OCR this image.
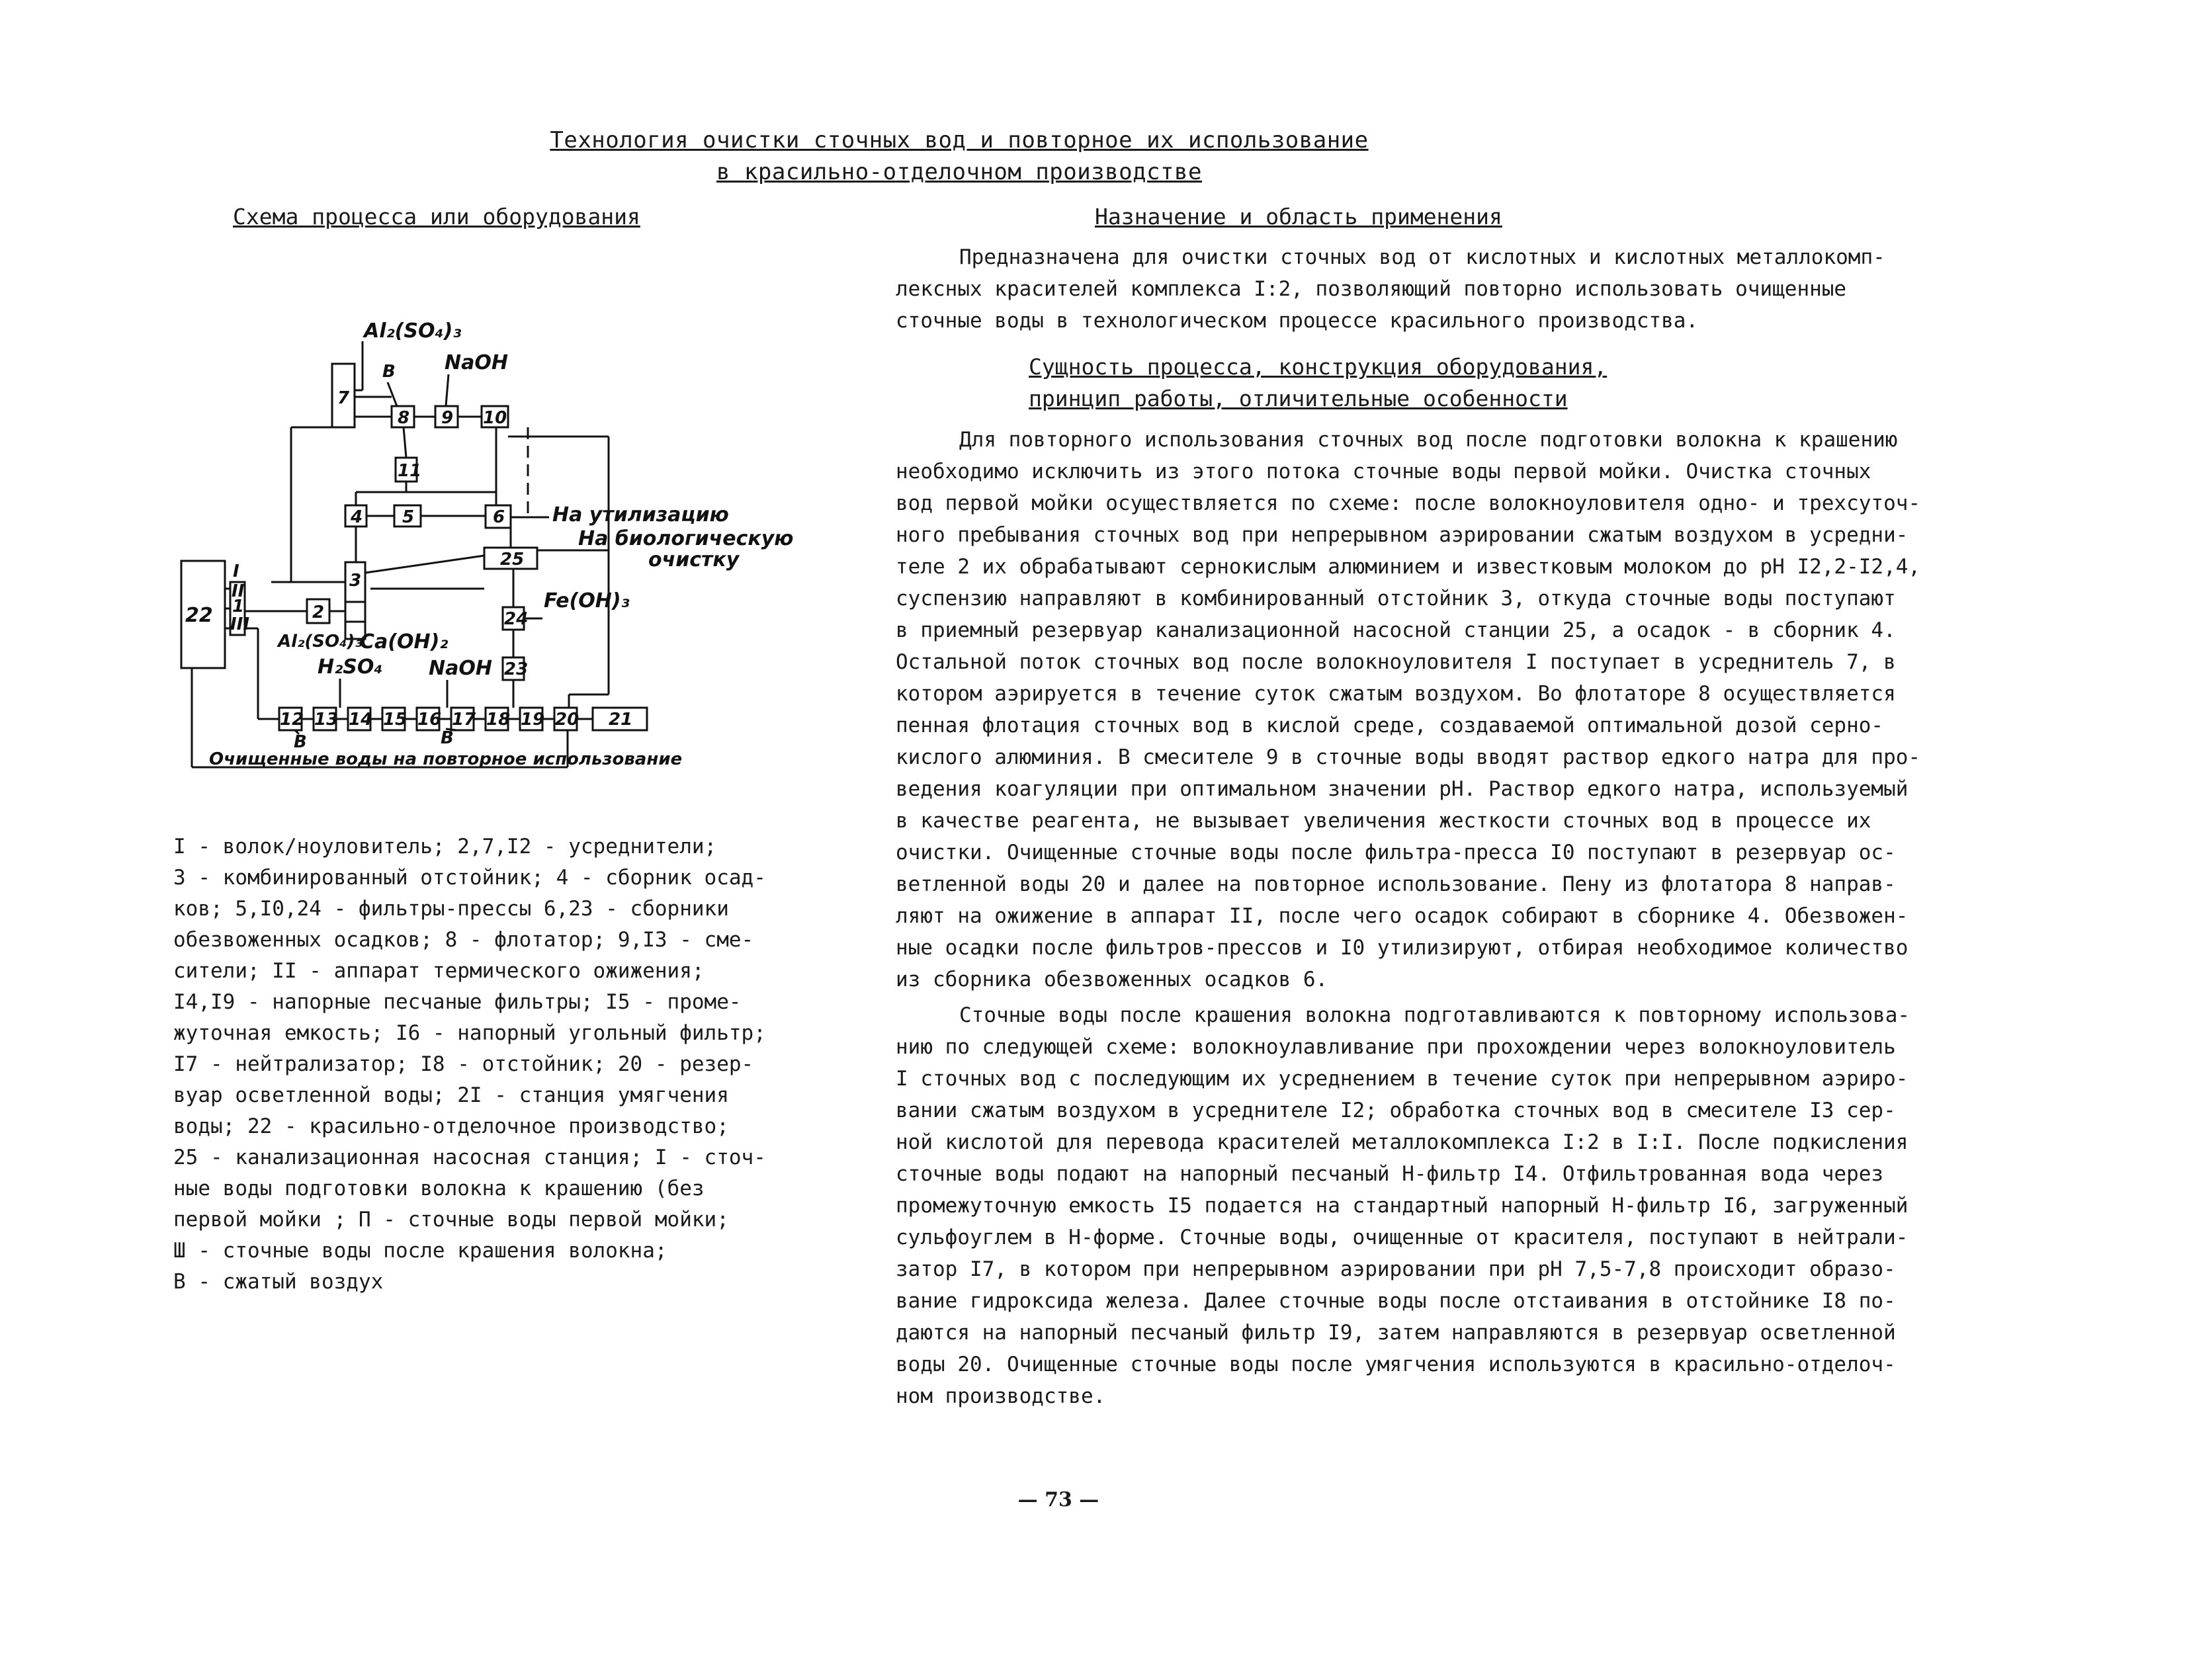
Технология очистки сточных вод и повторное их использование
в красильно-отделочном производстве
Схема процесса или оборудования	Назначение и область применения
22 1
I
II
III
7
8 9 10
Al₂(SO₄)₃
В NaOH
11
4 5	6 На утилизацию
25
На биологическую
очистку
3
2
Al₂(SO₄)₃
Ca(OH)₂
24
23
Fe(OH)₃
H₂SO₄ NaOH
12 13 14 15 16 17 18 19 20 21
В	В
Очищенные воды на повторное использование
I - волок/ноуловитель; 2,7,I2 - усреднители;
3 - комбинированный отстойник; 4 - сборник осад-
ков; 5,I0,24 - фильтры-прессы 6,23 - сборники
обезвоженных осадков; 8 - флотатор; 9,I3 - сме-
сители; II - аппарат термического ожижения;
I4,I9 - напорные песчаные фильтры; I5 - проме-
жуточная емкость; I6 - напорный угольный фильтр;
I7 - нейтрализатор; I8 - отстойник; 20 - резер-
вуар осветленной воды; 2I - станция умягчения
воды; 22 - красильно-отделочное производство;
25 - канализационная насосная станция; I - сточ-
ные воды подготовки волокна к крашению (без
первой мойки ; П - сточные воды первой мойки;
Ш - сточные воды после крашения волокна;
В - сжатый воздух
Предназначена для очистки сточных вод от кислотных и кислотных металлокомп-
лексных красителей комплекса I:2, позволяющий повторно использовать очищенные
сточные воды в технологическом процессе красильного производства.
Сущность процесса, конструкция оборудования,
принцип работы, отличительные особенности
Для повторного использования сточных вод после подготовки волокна к крашению
необходимо исключить из этого потока сточные воды первой мойки. Очистка сточных
вод первой мойки осуществляется по схеме: после волокноуловителя одно- и трехсуточ-
ного пребывания сточных вод при непрерывном аэрировании сжатым воздухом в усредни-
теле 2 их обрабатывают сернокислым алюминием и известковым молоком до pH I2,2-I2,4,
суспензию направляют в комбинированный отстойник 3, откуда сточные воды поступают
в приемный резервуар канализационной насосной станции 25, а осадок - в сборник 4.
Остальной поток сточных вод после волокноуловителя I поступает в усреднитель 7, в
котором аэрируется в течение суток сжатым воздухом. Во флотаторе 8 осуществляется
пенная флотация сточных вод в кислой среде, создаваемой оптимальной дозой серно-
кислого алюминия. В смесителе 9 в сточные воды вводят раствор едкого натра для про-
ведения коагуляции при оптимальном значении pH. Раствор едкого натра, используемый
в качестве реагента, не вызывает увеличения жесткости сточных вод в процессе их
очистки. Очищенные сточные воды после фильтра-пресса I0 поступают в резервуар ос-
ветленной воды 20 и далее на повторное использование. Пену из флотатора 8 направ-
ляют на ожижение в аппарат II, после чего осадок собирают в сборнике 4. Обезвожен-
ные осадки после фильтров-прессов и I0 утилизируют, отбирая необходимое количество
из сборника обезвоженных осадков 6.
Сточные воды после крашения волокна подготавливаются к повторному использова-
нию по следующей схеме: волокноулавливание при прохождении через волокноуловитель
I сточных вод с последующим их усреднением в течение суток при непрерывном аэриро-
вании сжатым воздухом в усреднителе I2; обработка сточных вод в смесителе I3 сер-
ной кислотой для перевода красителей металлокомплекса I:2 в I:I. После подкисления
сточные воды подают на напорный песчаный Н-фильтр I4. Отфильтрованная вода через
промежуточную емкость I5 подается на стандартный напорный Н-фильтр I6, загруженный
сульфоуглем в Н-форме. Сточные воды, очищенные от красителя, поступают в нейтрали-
затор I7, в котором при непрерывном аэрировании при pH 7,5-7,8 происходит образо-
вание гидроксида железа. Далее сточные воды после отстаивания в отстойнике I8 по-
даются на напорный песчаный фильтр I9, затем направляются в резервуар осветленной
воды 20. Очищенные сточные воды после умягчения используются в красильно-отделоч-
ном производстве.
— 73 —
